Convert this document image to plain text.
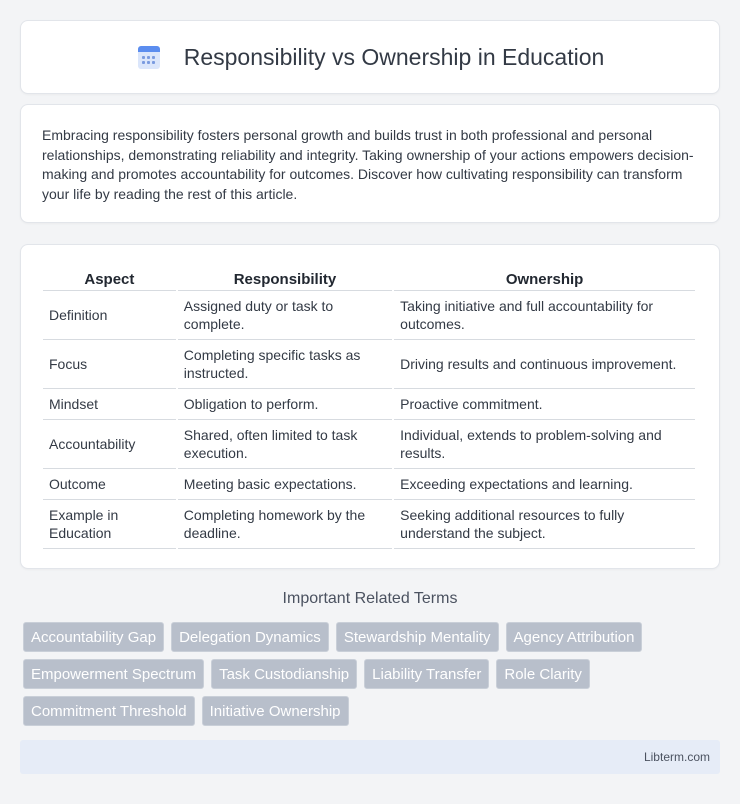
Responsibility vs Ownership in Education

Embracing responsibility fosters personal growth and builds trust in both professional and personal relationships, demonstrating reliability and integrity. Taking ownership of your actions empowers decision-making and promotes accountability for outcomes. Discover how cultivating responsibility can transform your life by reading the rest of this article.

Aspect	Responsibility	Ownership
Definition	Assigned duty or task to complete.	Taking initiative and full accountability for outcomes.
Focus	Completing specific tasks as instructed.	Driving results and continuous improvement.
Mindset	Obligation to perform.	Proactive commitment.
Accountability	Shared, often limited to task execution.	Individual, extends to problem-solving and results.
Outcome	Meeting basic expectations.	Exceeding expectations and learning.
Example in Education	Completing homework by the deadline.	Seeking additional resources to fully understand the subject.
Important Related Terms
Accountability Gap	Delegation Dynamics	Stewardship Mentality	Agency Attribution
Empowerment Spectrum	Task Custodianship	Liability Transfer	Role Clarity
Commitment Threshold	Initiative Ownership
Libterm.com
